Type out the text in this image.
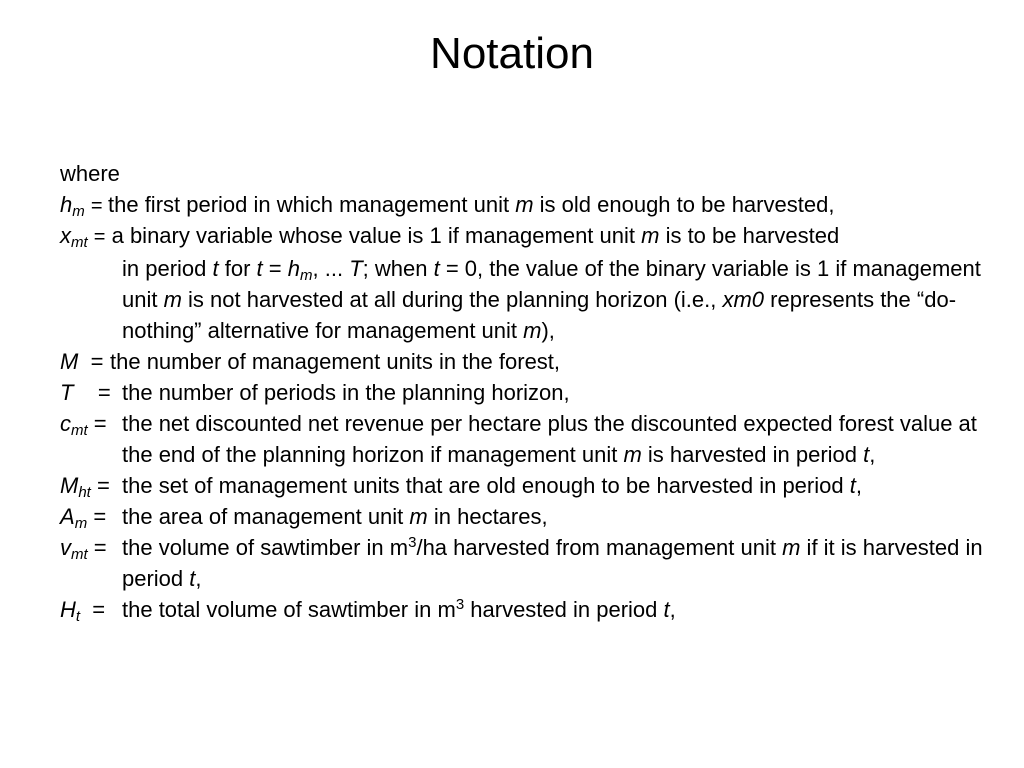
Notation
where
$h_m$ = the first period in which management unit m is old enough to be harvested,
$x_{mt} = a$ binary variable whose value is 1 if management unit m is to be harvested
in period t for $t = h_m$, ... T; when t = 0, the value of the binary variable is 1 if management unit m is not harvested at all during the planning horizon (i.e., xm0 represents the “do-nothing” alternative for management unit m),
M = the number of management units in the forest,
T = the number of periods in the planning horizon,
$c_{mt}$ = the net discounted net revenue per hectare plus the discounted expected forest value at the end of the planning horizon if management unit m is harvested in period t,
$M_{ht}$ = the set of management units that are old enough to be harvested in period t,
$A_m$ = the area of management unit m in hectares,
$v_{mt}$ = the volume of sawtimber in $m^3/ha$ harvested from management unit m if it is harvested in period t,
$H_t$ = the total volume of sawtimber in $m^3$ harvested in period t,
